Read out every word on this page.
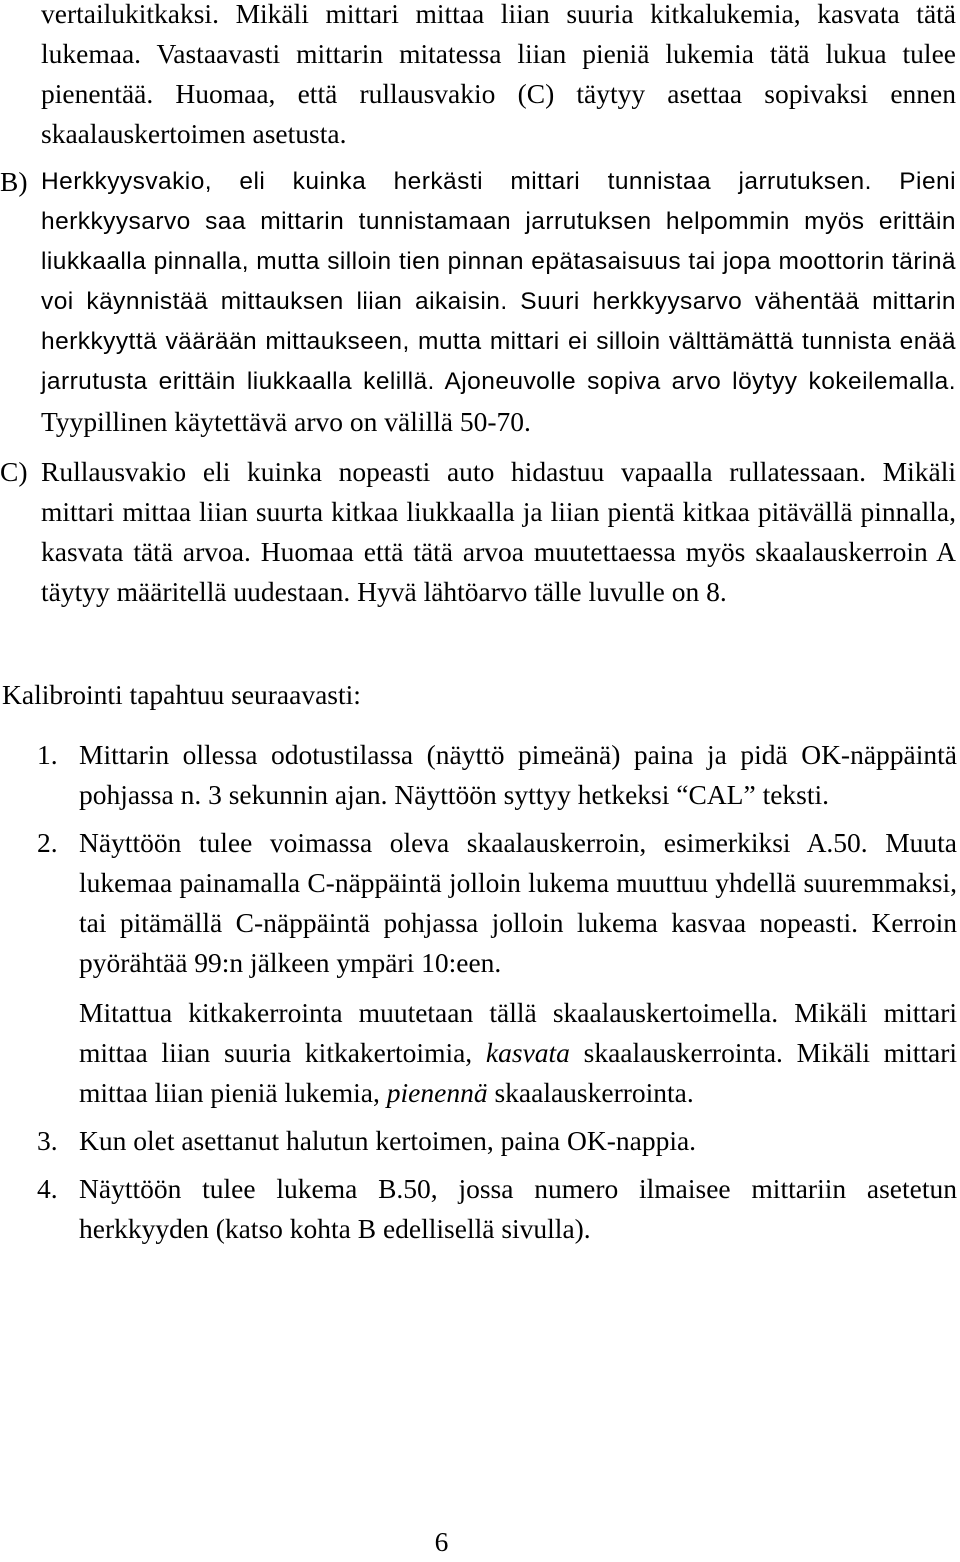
vertailukitkaksi. Mikäli mittari mittaa liian suuria kitkalukemia, kasvata tätä lukemaa. Vastaavasti mittarin mitatessa liian pieniä lukemia tätä lukua tulee pienentää. Huomaa, että rullausvakio (C) täytyy asettaa sopivaksi ennen skaalauskertoimen asetusta.
B) Herkkyysvakio, eli kuinka herkästi mittari tunnistaa jarrutuksen. Pieni herkkyysarvo saa mittarin tunnistamaan jarrutuksen helpommin myös erittäin liukkaalla pinnalla, mutta silloin tien pinnan epätasaisuus tai jopa moottorin tärinä voi käynnistää mittauksen liian aikaisin. Suuri herkkyysarvo vähentää mittarin herkkyyttä väärään mittaukseen, mutta mittari ei silloin välttämättä tunnista enää jarrutusta erittäin liukkaalla kelillä. Ajoneuvolle sopiva arvo löytyy kokeilemalla. Tyypillinen käytettävä arvo on välillä 50-70.
C) Rullausvakio eli kuinka nopeasti auto hidastuu vapaalla rullatessaan. Mikäli mittari mittaa liian suurta kitkaa liukkaalla ja liian pientä kitkaa pitävällä pinnalla, kasvata tätä arvoa. Huomaa että tätä arvoa muutettaessa myös skaalauskerroin A täytyy määritellä uudestaan. Hyvä lähtöarvo tälle luvulle on 8.
Kalibrointi tapahtuu seuraavasti:
1. Mittarin ollessa odotustilassa (näyttö pimeänä) paina ja pidä OK-näppäintä pohjassa n. 3 sekunnin ajan. Näyttöön syttyy hetkeksi “CAL” teksti.
2. Näyttöön tulee voimassa oleva skaalauskerroin, esimerkiksi A.50. Muuta lukemaa painamalla C-näppäintä jolloin lukema muuttuu yhdellä suuremmaksi, tai pitämällä C-näppäintä pohjassa jolloin lukema kasvaa nopeasti. Kerroin pyörähtää 99:n jälkeen ympäri 10:een.
Mitattua kitkakerrointa muutetaan tällä skaalauskertoimella. Mikäli mittari mittaa liian suuria kitkakertoimia, kasvata skaalauskerrointa. Mikäli mittari mittaa liian pieniä lukemia, pienennä skaalauskerrointa.
3. Kun olet asettanut halutun kertoimen, paina OK-nappia.
4. Näyttöön tulee lukema B.50, jossa numero ilmaisee mittariin asetetun herkkyyden (katso kohta B edellisellä sivulla).
6
